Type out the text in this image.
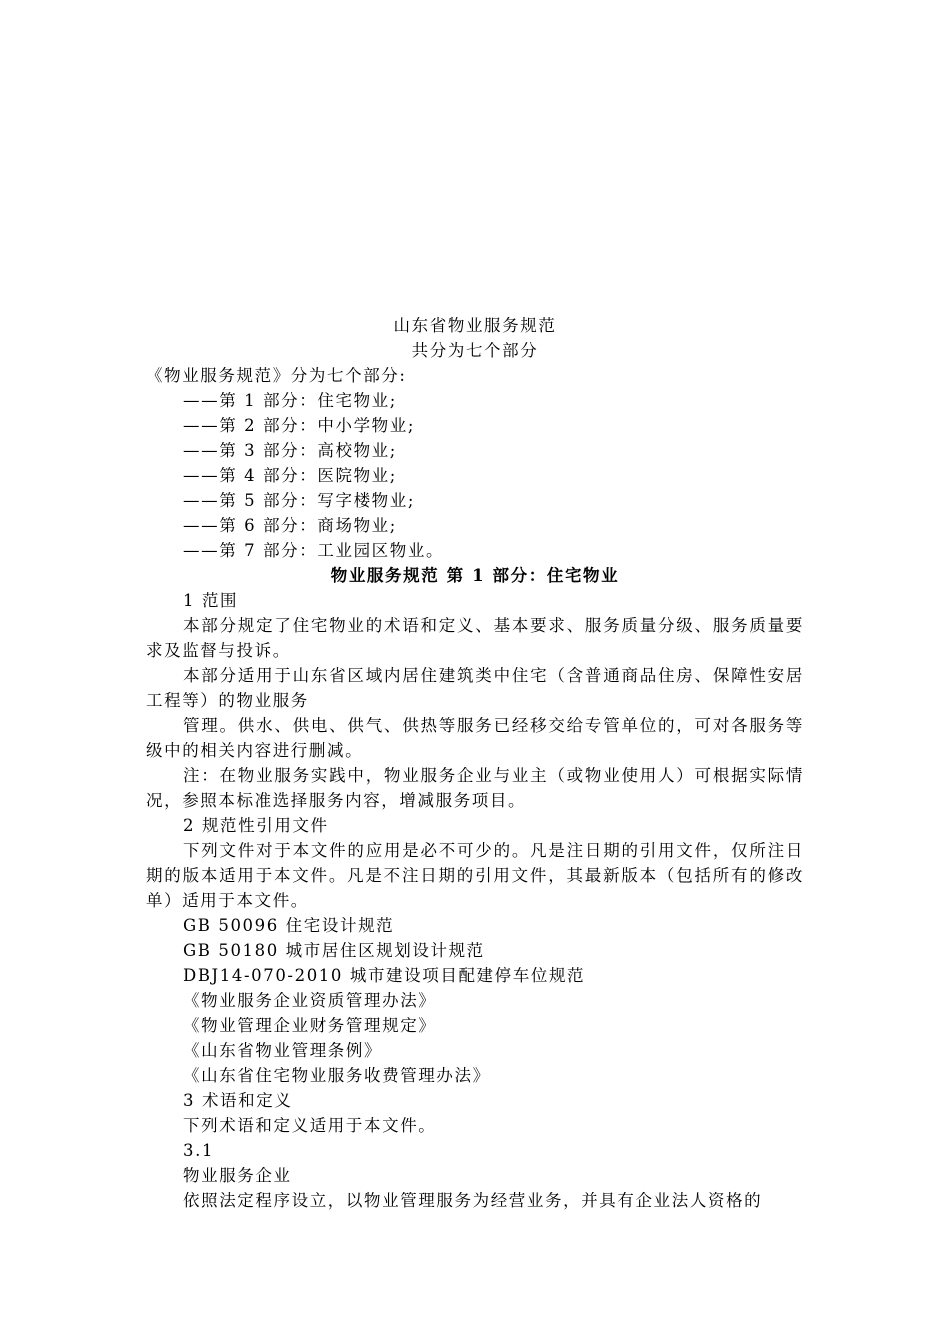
山东省物业服务规范
共分为七个部分
《物业服务规范》分为七个部分:
——第 1 部分：住宅物业;
——第 2 部分：中小学物业;
——第 3 部分：高校物业;
——第 4 部分：医院物业;
——第 5 部分：写字楼物业;
——第 6 部分：商场物业;
——第 7 部分：工业园区物业。
物业服务规范 第 1 部分：住宅物业
1 范围
本部分规定了住宅物业的术语和定义、基本要求、服务质量分级、服务质量要求及监督与投诉。
本部分适用于山东省区域内居住建筑类中住宅（含普通商品住房、保障性安居工程等）的物业服务
管理。供水、供电、供气、供热等服务已经移交给专管单位的，可对各服务等级中的相关内容进行删减。
注：在物业服务实践中，物业服务企业与业主（或物业使用人）可根据实际情况，参照本标准选择服务内容，增减服务项目。
2 规范性引用文件
下列文件对于本文件的应用是必不可少的。凡是注日期的引用文件，仅所注日期的版本适用于本文件。凡是不注日期的引用文件，其最新版本（包括所有的修改单）适用于本文件。
GB 50096 住宅设计规范
GB 50180 城市居住区规划设计规范
DBJ14-070-2010 城市建设项目配建停车位规范
《物业服务企业资质管理办法》
《物业管理企业财务管理规定》
《山东省物业管理条例》
《山东省住宅物业服务收费管理办法》
3 术语和定义
下列术语和定义适用于本文件。
3.1
物业服务企业
依照法定程序设立，以物业管理服务为经营业务，并具有企业法人资格的
